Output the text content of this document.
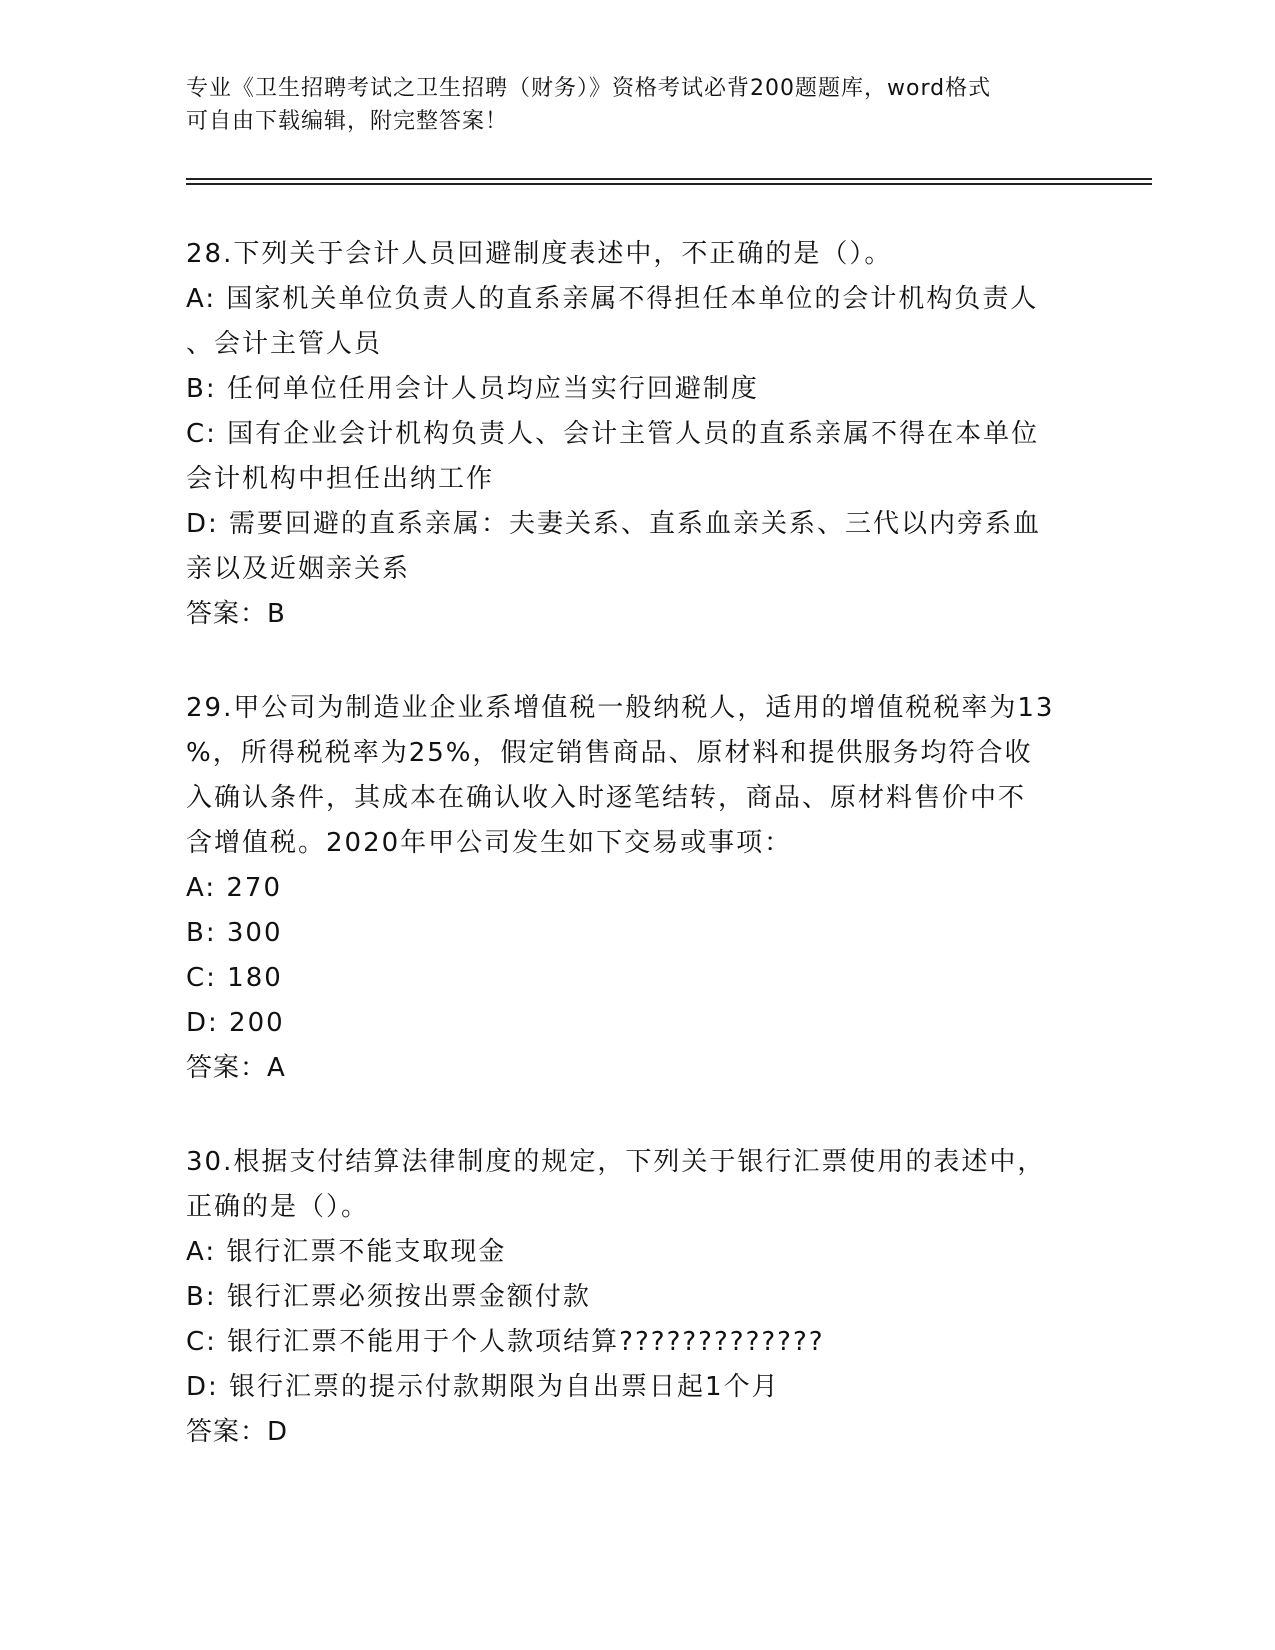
专业《卫生招聘考试之卫生招聘（财务）》资格考试必背200题题库，word格式
可自由下载编辑，附完整答案！
28.下列关于会计人员回避制度表述中，不正确的是（）。
A: 国家机关单位负责人的直系亲属不得担任本单位的会计机构负责人
、会计主管人员
B: 任何单位任用会计人员均应当实行回避制度
C: 国有企业会计机构负责人、会计主管人员的直系亲属不得在本单位
会计机构中担任出纳工作
D: 需要回避的直系亲属：夫妻关系、直系血亲关系、三代以内旁系血
亲以及近姻亲关系
答案：B
29.甲公司为制造业企业系增值税一般纳税人，适用的增值税税率为13
%，所得税税率为25%，假定销售商品、原材料和提供服务均符合收
入确认条件，其成本在确认收入时逐笔结转，商品、原材料售价中不
含增值税。2020年甲公司发生如下交易或事项：
A: 270
B: 300
C: 180
D: 200
答案：A
30.根据支付结算法律制度的规定，下列关于银行汇票使用的表述中，
正确的是（）。
A: 银行汇票不能支取现金
B: 银行汇票必须按出票金额付款
C: 银行汇票不能用于个人款项结算?????????????
D: 银行汇票的提示付款期限为自出票日起1个月
答案：D
